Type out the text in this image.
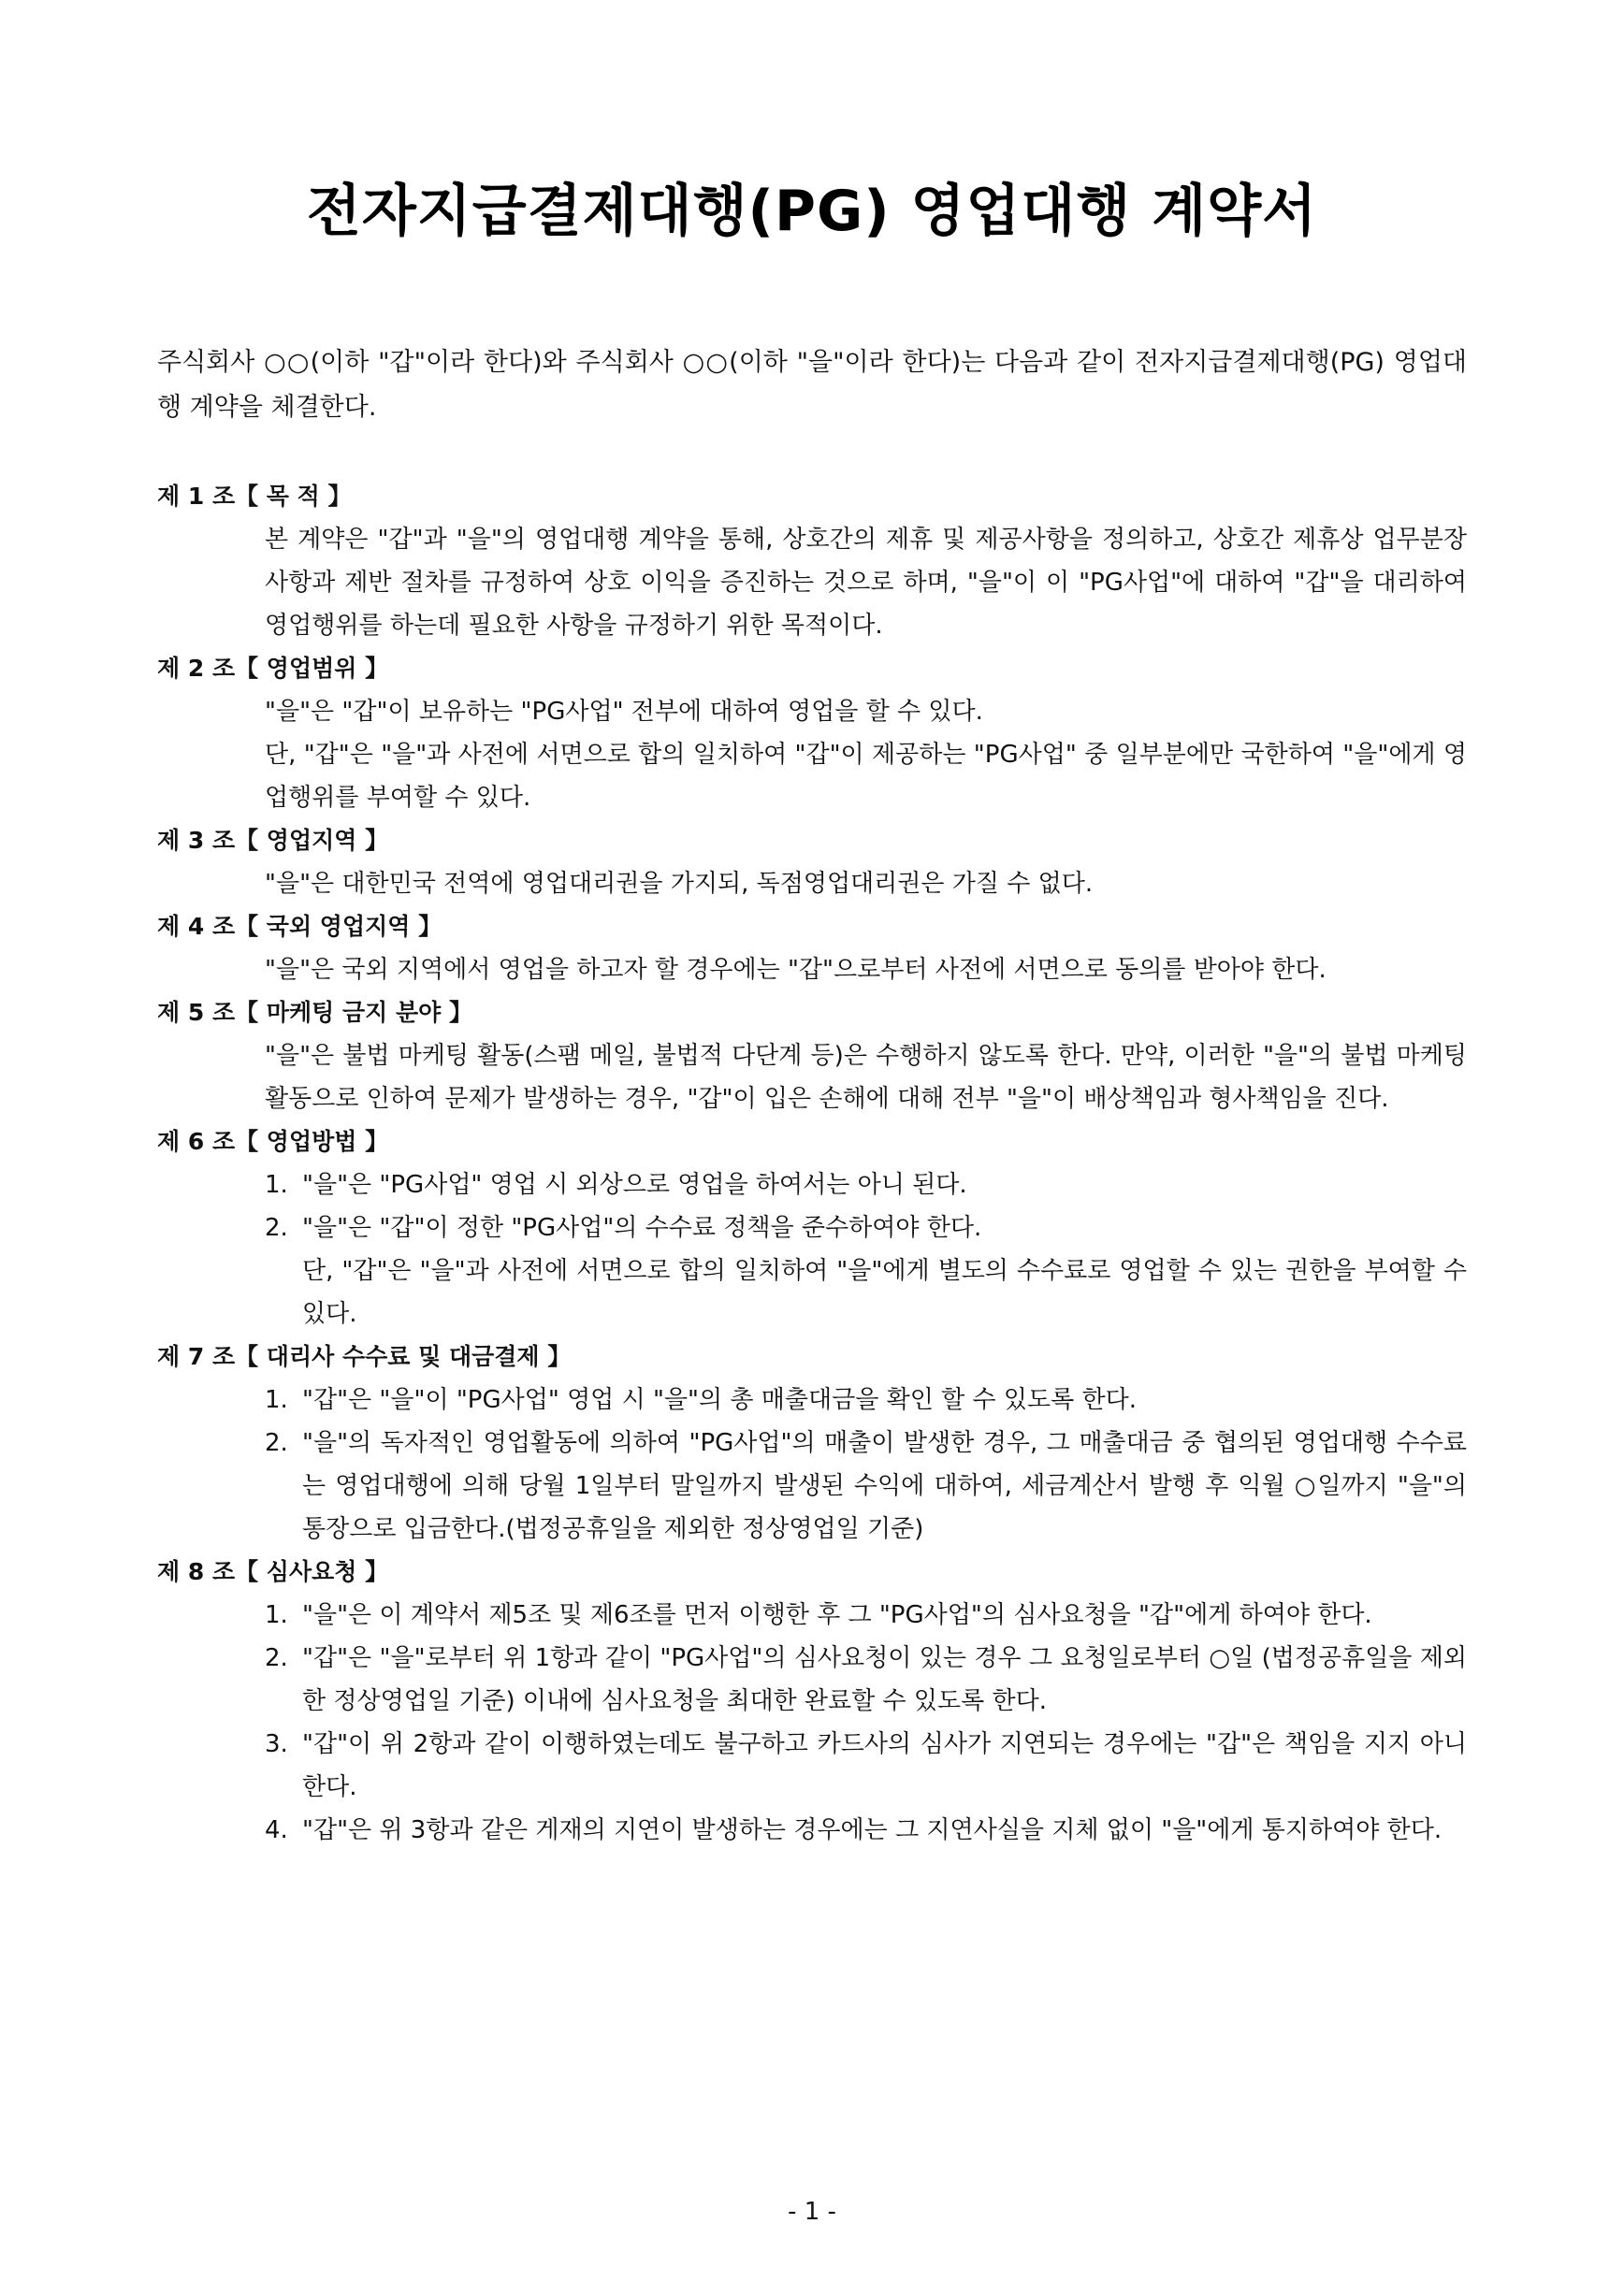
전자지급결제대행(PG) 영업대행 계약서

주식회사 ○○(이하 "갑"이라 한다)와 주식회사 ○○(이하 "을"이라 한다)는 다음과 같이 전자지급결제대행(PG) 영업대행 계약을 체결한다.

제 1 조【 목 적 】

본 계약은 "갑"과 "을"의 영업대행 계약을 통해, 상호간의 제휴 및 제공사항을 정의하고, 상호간 제휴상 업무분장 사항과 제반 절차를 규정하여 상호 이익을 증진하는 것으로 하며, "을"이 이 "PG사업"에 대하여 "갑"을 대리하여 영업행위를 하는데 필요한 사항을 규정하기 위한 목적이다.

제 2 조【 영업범위 】

"을"은 "갑"이 보유하는 "PG사업" 전부에 대하여 영업을 할 수 있다.

단, "갑"은 "을"과 사전에 서면으로 합의 일치하여 "갑"이 제공하는 "PG사업" 중 일부분에만 국한하여 "을"에게 영업행위를 부여할 수 있다.

제 3 조【 영업지역 】

"을"은 대한민국 전역에 영업대리권을 가지되, 독점영업대리권은 가질 수 없다.

제 4 조【 국외 영업지역 】

"을"은 국외 지역에서 영업을 하고자 할 경우에는 "갑"으로부터 사전에 서면으로 동의를 받아야 한다.

제 5 조【 마케팅 금지 분야 】

"을"은 불법 마케팅 활동(스팸 메일, 불법적 다단계 등)은 수행하지 않도록 한다. 만약, 이러한 "을"의 불법 마케팅 활동으로 인하여 문제가 발생하는 경우, "갑"이 입은 손해에 대해 전부 "을"이 배상책임과 형사책임을 진다.

제 6 조【 영업방법 】
1. "을"은 "PG사업" 영업 시 외상으로 영업을 하여서는 아니 된다.
2. "을"은 "갑"이 정한 "PG사업"의 수수료 정책을 준수하여야 한다.
단, "갑"은 "을"과 사전에 서면으로 합의 일치하여 "을"에게 별도의 수수료로 영업할 수 있는 권한을 부여할 수 있다.
제 7 조【 대리사 수수료 및 대금결제 】
1. "갑"은 "을"이 "PG사업" 영업 시 "을"의 총 매출대금을 확인 할 수 있도록 한다.
2. "을"의 독자적인 영업활동에 의하여 "PG사업"의 매출이 발생한 경우, 그 매출대금 중 협의된 영업대행 수수료는 영업대행에 의해 당월 1일부터 말일까지 발생된 수익에 대하여, 세금계산서 발행 후 익월 ○일까지 "을"의 통장으로 입금한다.(법정공휴일을 제외한 정상영업일 기준)
제 8 조【 심사요청 】
1. "을"은 이 계약서 제5조 및 제6조를 먼저 이행한 후 그 "PG사업"의 심사요청을 "갑"에게 하여야 한다.
2. "갑"은 "을"로부터 위 1항과 같이 "PG사업"의 심사요청이 있는 경우 그 요청일로부터 ○일 (법정공휴일을 제외한 정상영업일 기준) 이내에 심사요청을 최대한 완료할 수 있도록 한다.
3. "갑"이 위 2항과 같이 이행하였는데도 불구하고 카드사의 심사가 지연되는 경우에는 "갑"은 책임을 지지 아니한다.
4. "갑"은 위 3항과 같은 게재의 지연이 발생하는 경우에는 그 지연사실을 지체 없이 "을"에게 통지하여야 한다.

- 1 -
